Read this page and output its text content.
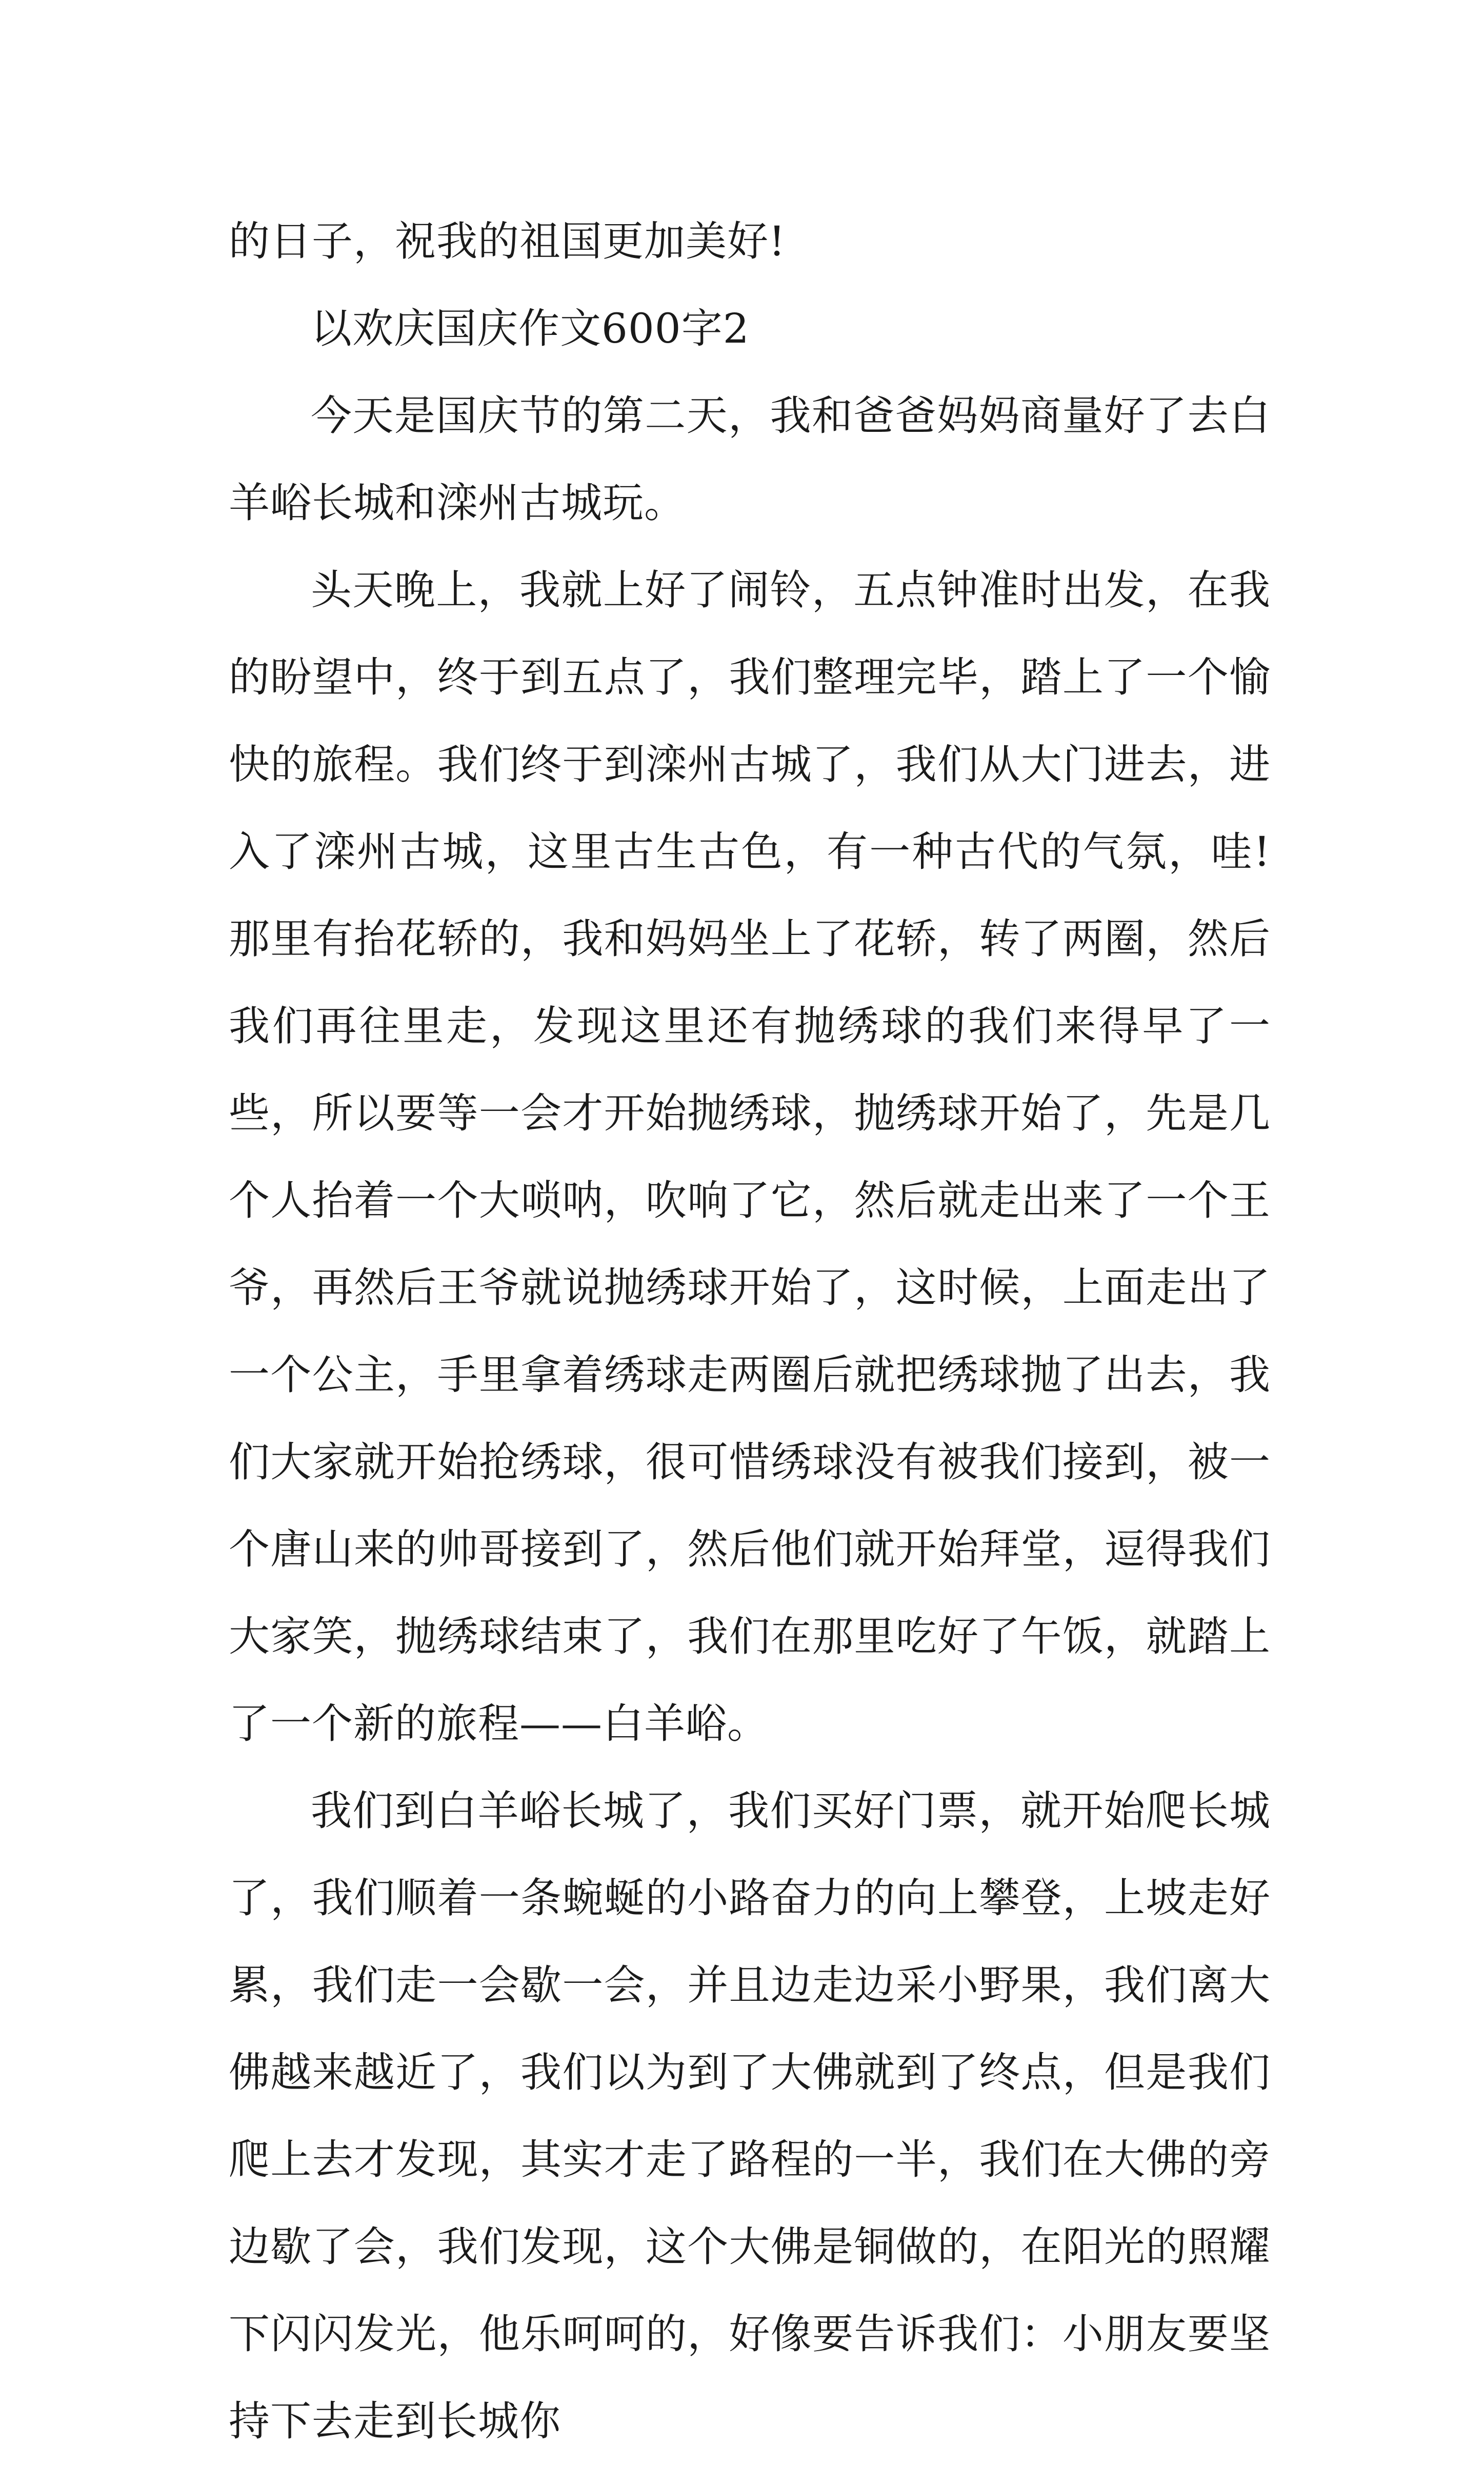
的日子，祝我的祖国更加美好!

以欢庆国庆作文600字2

今天是国庆节的第二天，我和爸爸妈妈商量好了去白羊峪长城和滦州古城玩。

头天晚上，我就上好了闹铃，五点钟准时出发，在我的盼望中，终于到五点了，我们整理完毕，踏上了一个愉快的旅程。我们终于到滦州古城了，我们从大门进去，进入了滦州古城，这里古生古色，有一种古代的气氛，哇!那里有抬花轿的，我和妈妈坐上了花轿，转了两圈，然后我们再往里走，发现这里还有抛绣球的我们来得早了一些，所以要等一会才开始抛绣球，抛绣球开始了，先是几个人抬着一个大唢呐，吹响了它，然后就走出来了一个王爷，再然后王爷就说抛绣球开始了，这时候，上面走出了一个公主，手里拿着绣球走两圈后就把绣球抛了出去，我们大家就开始抢绣球，很可惜绣球没有被我们接到，被一个唐山来的帅哥接到了，然后他们就开始拜堂，逗得我们大家笑，抛绣球结束了，我们在那里吃好了午饭，就踏上了一个新的旅程——白羊峪。

我们到白羊峪长城了，我们买好门票，就开始爬长城了，我们顺着一条蜿蜒的小路奋力的向上攀登，上坡走好累，我们走一会歇一会，并且边走边采小野果，我们离大佛越来越近了，我们以为到了大佛就到了终点，但是我们爬上去才发现，其实才走了路程的一半，我们在大佛的旁边歇了会，我们发现，这个大佛是铜做的，在阳光的照耀下闪闪发光，他乐呵呵的，好像要告诉我们：小朋友要坚持下去走到长城你
